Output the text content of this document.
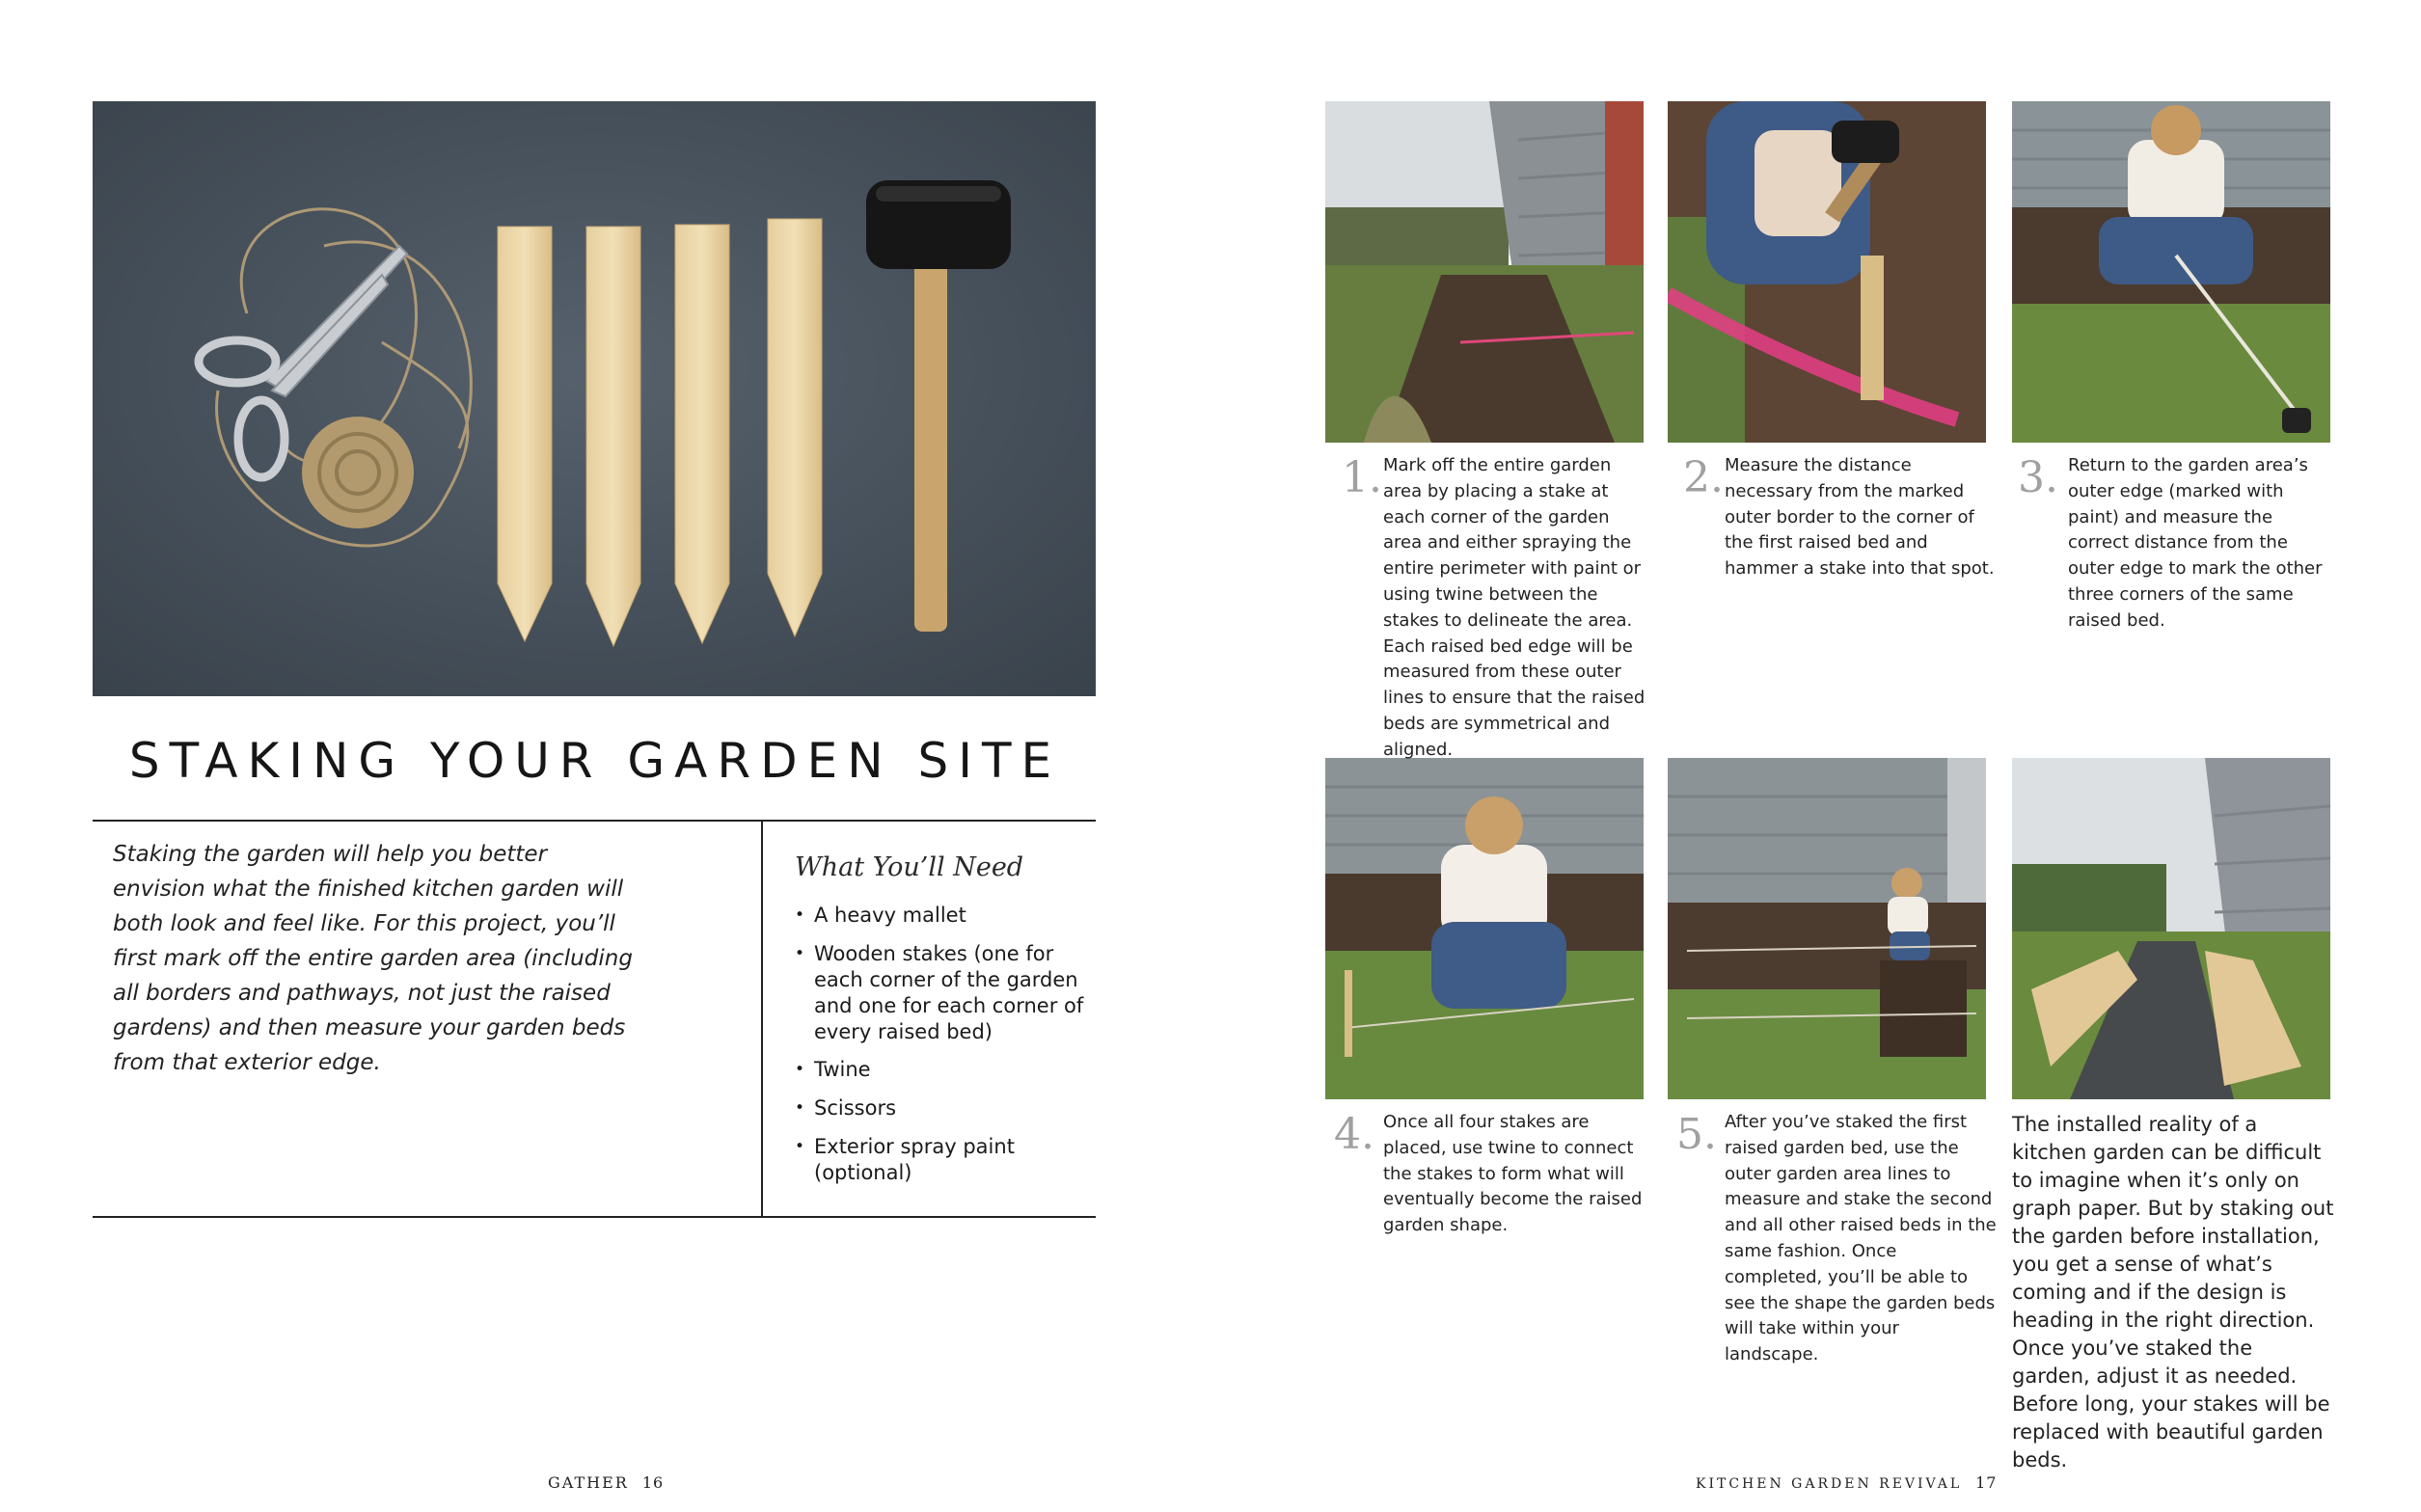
STAKING YOUR GARDEN SITE
Staking the garden will help you better envision what the finished kitchen garden will both look and feel like. For this project, you’ll first mark off the entire garden area (including all borders and pathways, not just the raised gardens) and then measure your garden beds from that exterior edge.
What You’ll Need
• A heavy mallet
• Wooden stakes (one for each corner of the garden and one for each corner of every raised bed)
• Twine
• Scissors
• Exterior spray paint (optional)
GATHER 16
1. Mark off the entire garden area by placing a stake at each corner of the garden area and either spraying the entire perimeter with paint or using twine between the stakes to delineate the area. Each raised bed edge will be measured from these outer lines to ensure that the raised beds are symmetrical and aligned.
2. Measure the distance necessary from the marked outer border to the corner of the first raised bed and hammer a stake into that spot.
3. Return to the garden area’s outer edge (marked with paint) and measure the correct distance from the outer edge to mark the other three corners of the same raised bed.
4. Once all four stakes are placed, use twine to connect the stakes to form what will eventually become the raised garden shape.
5. After you’ve staked the first raised garden bed, use the outer garden area lines to measure and stake the second and all other raised beds in the same fashion. Once completed, you’ll be able to see the shape the garden beds will take within your landscape.
The installed reality of a kitchen garden can be difficult to imagine when it’s only on graph paper. But by staking out the garden before installation, you get a sense of what’s coming and if the design is heading in the right direction. Once you’ve staked the garden, adjust it as needed. Before long, your stakes will be replaced with beautiful garden beds.
KITCHEN GARDEN REVIVAL 17
